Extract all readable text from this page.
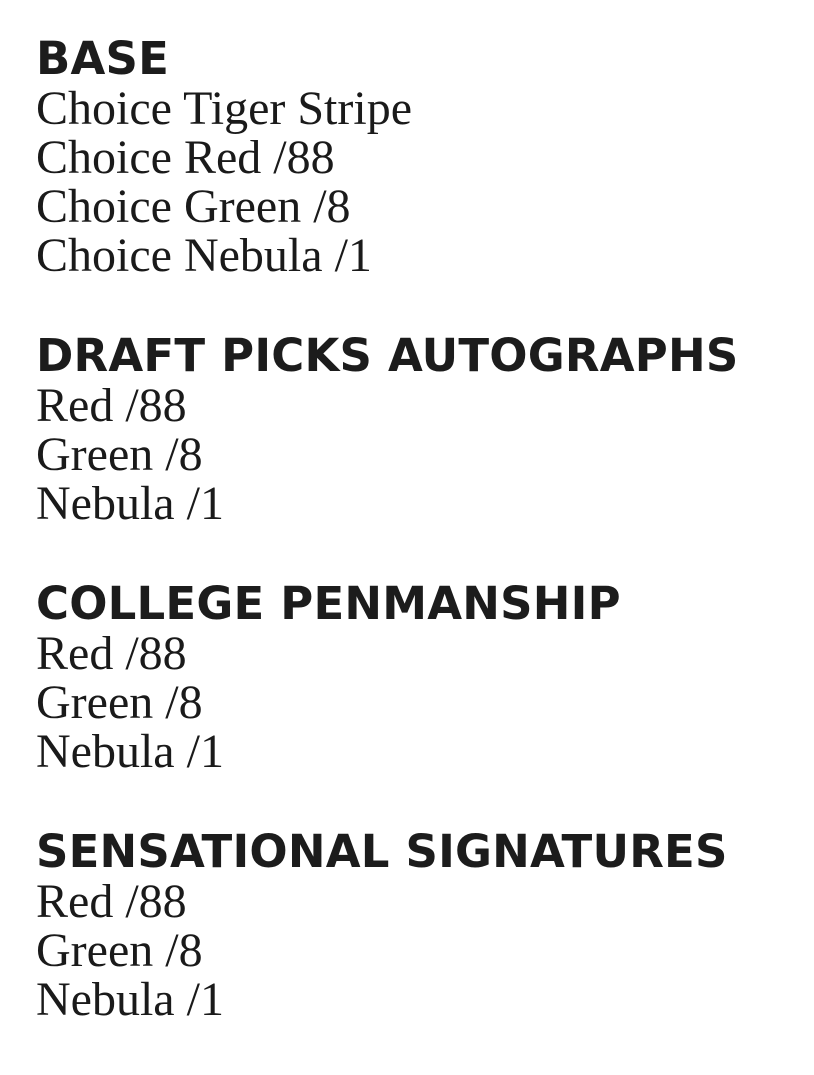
BASE
Choice Tiger Stripe
Choice Red /88
Choice Green /8
Choice Nebula /1
DRAFT PICKS AUTOGRAPHS
Red /88
Green /8
Nebula /1
COLLEGE PENMANSHIP
Red /88
Green /8
Nebula /1
SENSATIONAL SIGNATURES
Red /88
Green /8
Nebula /1
